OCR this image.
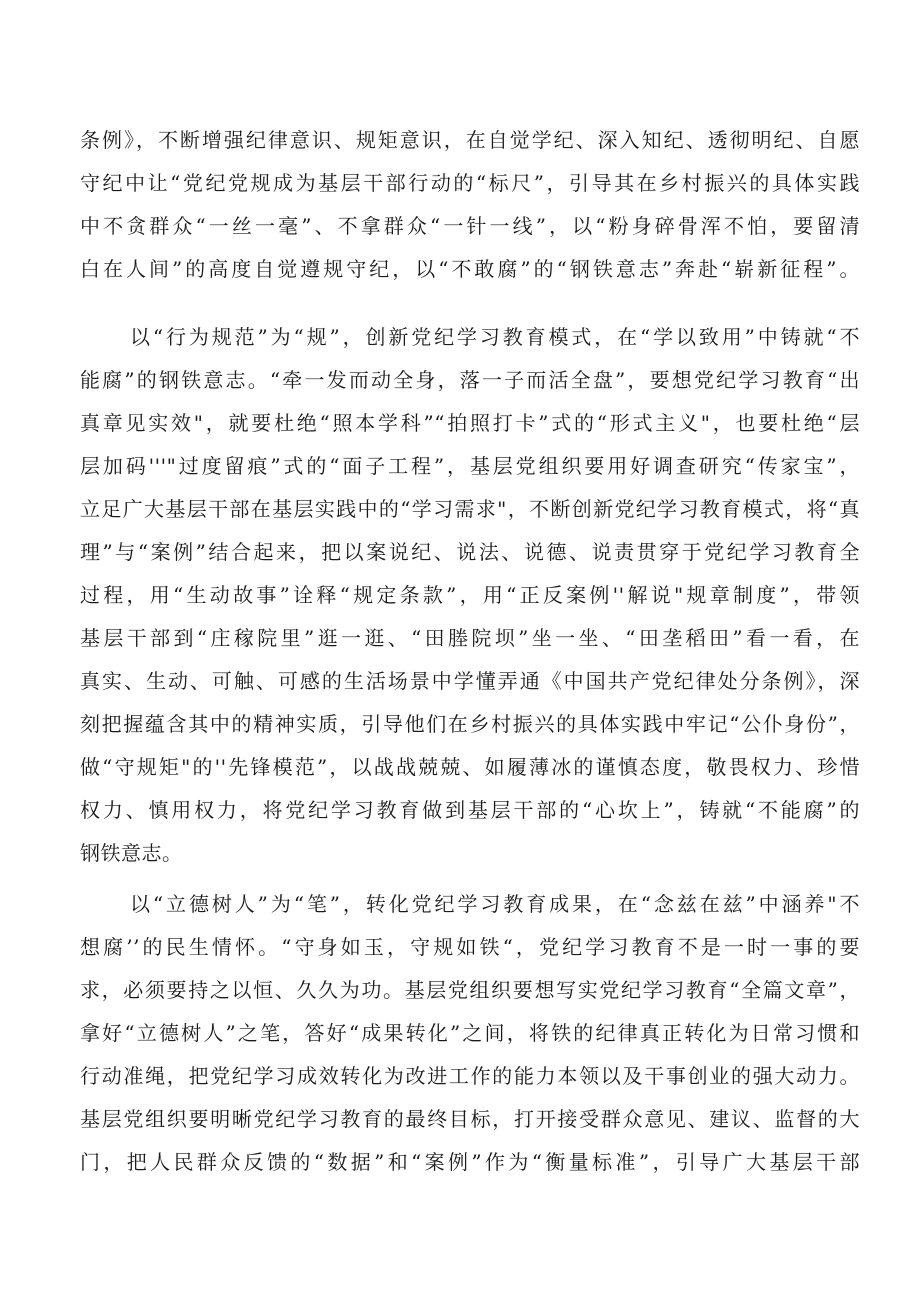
条例》，不断增强纪律意识、规矩意识，在自觉学纪、深入知纪、透彻明纪、自愿
守纪中让“党纪党规成为基层干部行动的“标尺”，引导其在乡村振兴的具体实践
中不贪群众“一丝一毫”、不拿群众“一针一线”，以“粉身碎骨浑不怕，要留清
白在人间”的高度自觉遵规守纪，以“不敢腐”的“钢铁意志”奔赴“崭新征程”。
以“行为规范”为“规”，创新党纪学习教育模式，在“学以致用”中铸就“不
能腐”的钢铁意志。“牵一发而动全身，落一子而活全盘”，要想党纪学习教育“出
真章见实效"，就要杜绝“照本学科”“拍照打卡”式的“形式主义"，也要杜绝“层
层加码'''"过度留痕”式的“面子工程”，基层党组织要用好调查研究“传家宝”，
立足广大基层干部在基层实践中的“学习需求"，不断创新党纪学习教育模式，将“真
理”与“案例”结合起来，把以案说纪、说法、说德、说责贯穿于党纪学习教育全
过程，用“生动故事”诠释“规定条款”，用“正反案例''解说"规章制度”，带领
基层干部到“庄稼院里”逛一逛、“田塍院坝”坐一坐、“田垄稻田”看一看，在
真实、生动、可触、可感的生活场景中学懂弄通《中国共产党纪律处分条例》，深
刻把握蕴含其中的精神实质，引导他们在乡村振兴的具体实践中牢记“公仆身份”，
做“守规矩"的''先锋模范”，以战战兢兢、如履薄冰的谨慎态度，敬畏权力、珍惜
权力、慎用权力，将党纪学习教育做到基层干部的“心坎上”，铸就“不能腐”的
钢铁意志。
以“立德树人”为“笔”，转化党纪学习教育成果，在“念兹在兹”中涵养"不
想腐’’的民生情怀。“守身如玉，守规如铁“，党纪学习教育不是一时一事的要
求，必须要持之以恒、久久为功。基层党组织要想写实党纪学习教育“全篇文章”，
拿好“立德树人”之笔，答好“成果转化”之间，将铁的纪律真正转化为日常习惯和
行动准绳，把党纪学习成效转化为改进工作的能力本领以及干事创业的强大动力。
基层党组织要明晰党纪学习教育的最终目标，打开接受群众意见、建议、监督的大
门，把人民群众反馈的“数据”和“案例”作为“衡量标准”，引导广大基层干部
